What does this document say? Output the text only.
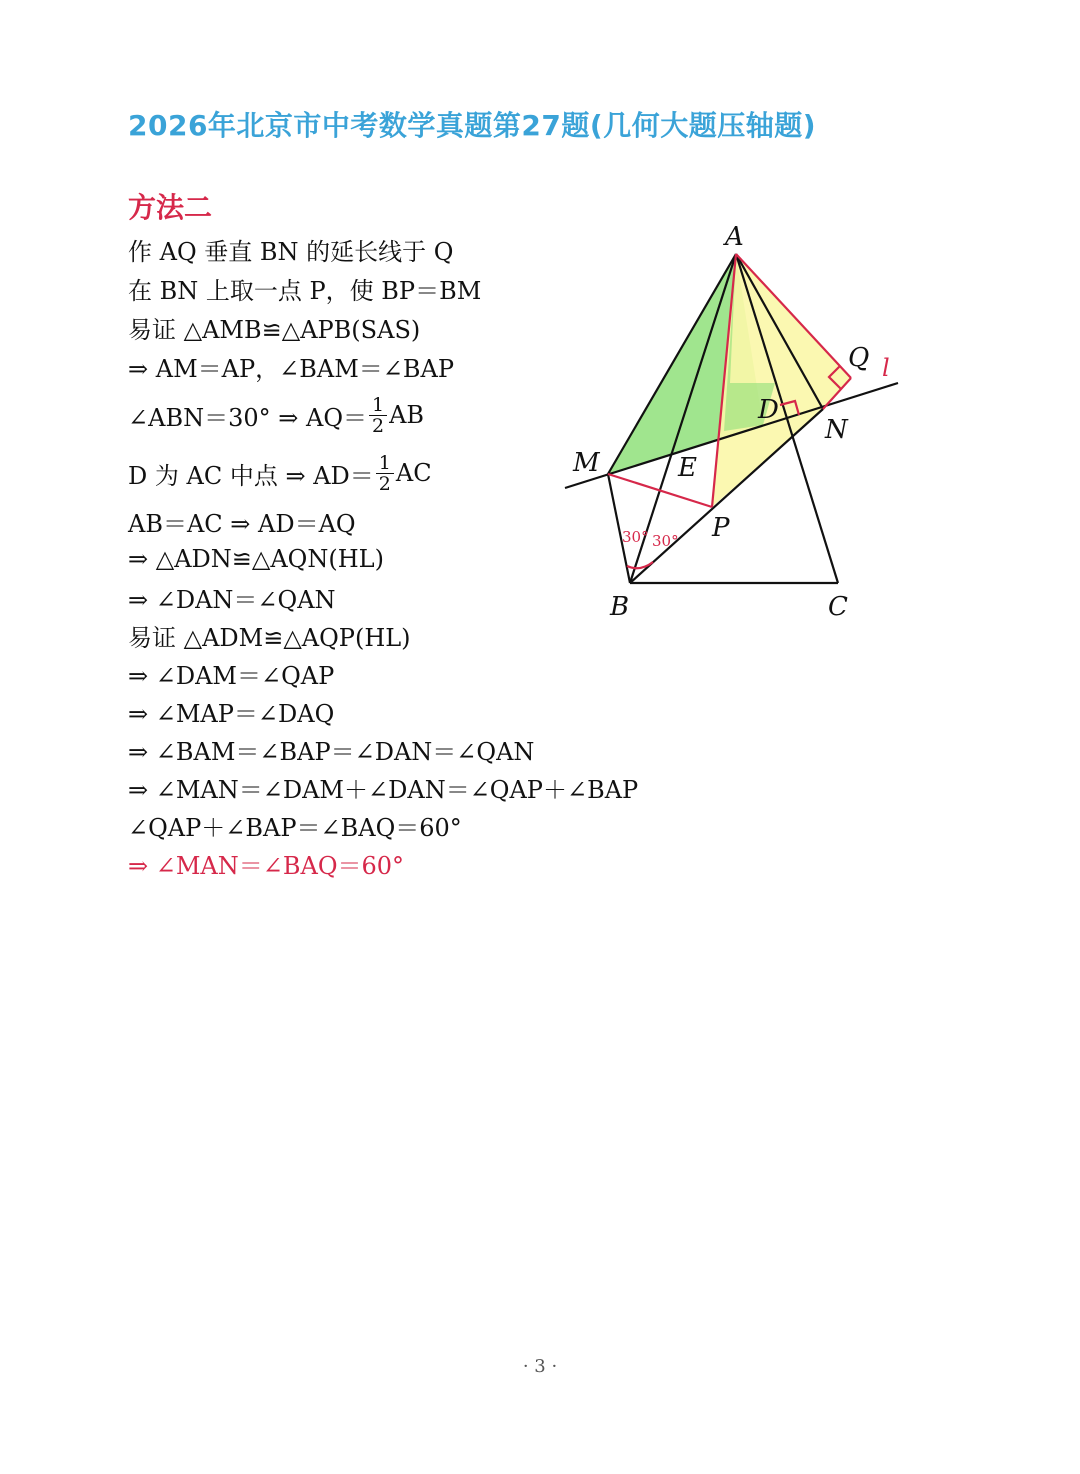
2026年北京市中考数学真题第27题(几何大题压轴题)
方法二
作 AQ 垂直 BN 的延长线于 Q
在 BN 上取一点 P，使 BP＝BM
易证 △AMB≌△APB(SAS)
⇒ AM＝AP，∠BAM＝∠BAP
∠ABN＝30° ⇒ $AQ= \frac{1}{2}$ AB
D 为 AC 中点 ⇒ $AD= \frac{1}{2}$ AC
AB＝AC ⇒ AD＝AQ
⇒ △ADN≌△AQN(HL)
⇒ ∠DAN＝∠QAN
易证 △ADM≌△AQP(HL)
⇒ ∠DAM＝∠QAP
⇒ ∠MAP＝∠DAQ
⇒ ∠BAM＝∠BAP＝∠DAN＝∠QAN
⇒ ∠MAN＝∠DAM＋∠DAN＝∠QAP＋∠BAP
∠QAP＋∠BAP＝∠BAQ＝60°
⇒ ∠MAN＝∠BAQ＝60°
A
Q
D
N
M	E
P
B	C
l
30° 30°
· 3 ·
